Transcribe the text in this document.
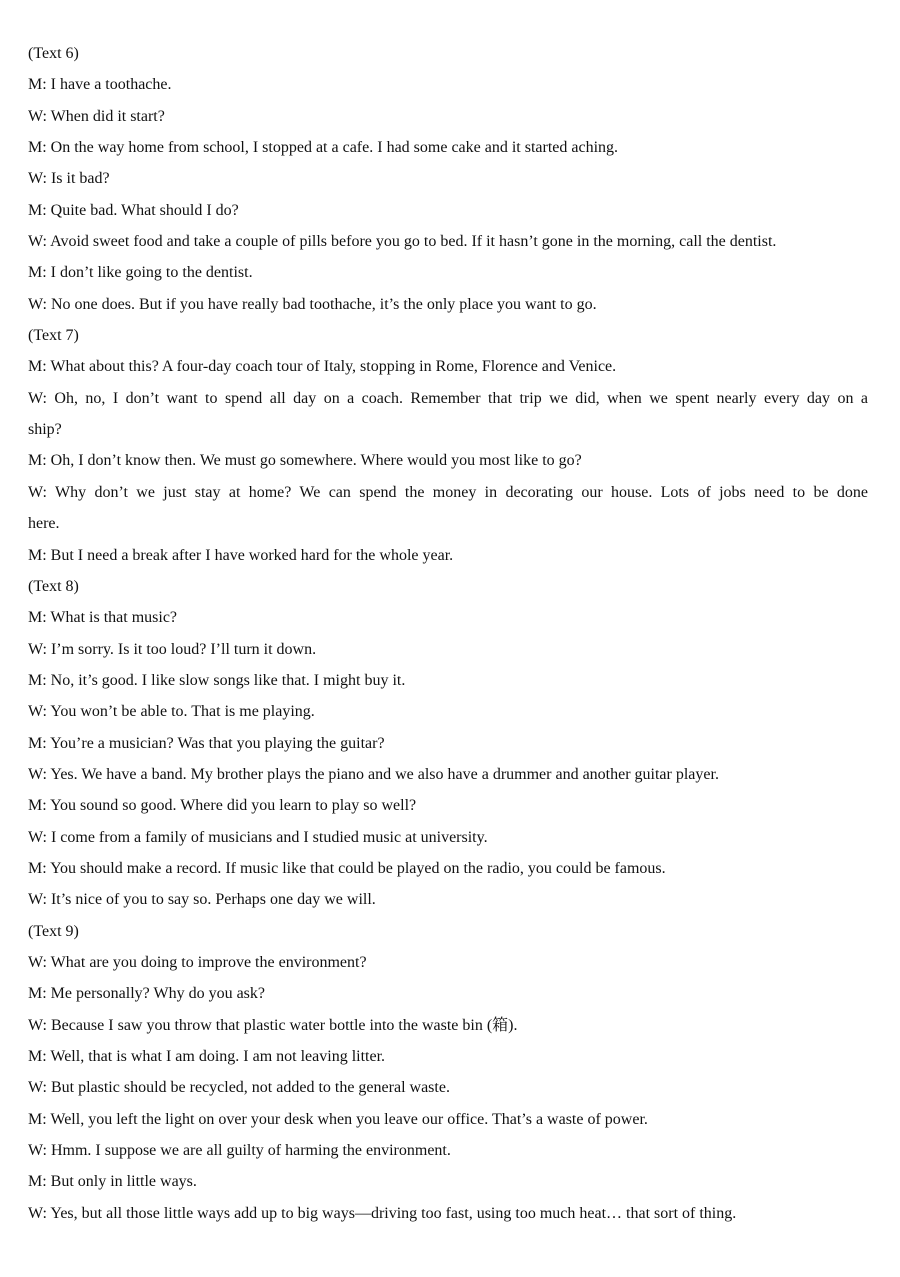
(Text 6)
M: I have a toothache.
W: When did it start?
M: On the way home from school, I stopped at a cafe. I had some cake and it started aching.
W: Is it bad?
M: Quite bad. What should I do?
W: Avoid sweet food and take a couple of pills before you go to bed. If it hasn’t gone in the morning, call the dentist.
M: I don’t like going to the dentist.
W: No one does. But if you have really bad toothache, it’s the only place you want to go.
(Text 7)
M: What about this? A four-day coach tour of Italy, stopping in Rome, Florence and Venice.
W: Oh, no, I don’t want to spend all day on a coach. Remember that trip we did, when we spent nearly every day on a
ship?
M: Oh, I don’t know then. We must go somewhere. Where would you most like to go?
W: Why don’t we just stay at home? We can spend the money in decorating our house. Lots of jobs need to be done
here.
M: But I need a break after I have worked hard for the whole year.
(Text 8)
M: What is that music?
W: I’m sorry. Is it too loud? I’ll turn it down.
M: No, it’s good. I like slow songs like that. I might buy it.
W: You won’t be able to. That is me playing.
M: You’re a musician? Was that you playing the guitar?
W: Yes. We have a band. My brother plays the piano and we also have a drummer and another guitar player.
M: You sound so good. Where did you learn to play so well?
W: I come from a family of musicians and I studied music at university.
M: You should make a record. If music like that could be played on the radio, you could be famous.
W: It’s nice of you to say so. Perhaps one day we will.
(Text 9)
W: What are you doing to improve the environment?
M: Me personally? Why do you ask?
W: Because I saw you throw that plastic water bottle into the waste bin (箱).
M: Well, that is what I am doing. I am not leaving litter.
W: But plastic should be recycled, not added to the general waste.
M: Well, you left the light on over your desk when you leave our office. That’s a waste of power.
W: Hmm. I suppose we are all guilty of harming the environment.
M: But only in little ways.
W: Yes, but all those little ways add up to big ways—driving too fast, using too much heat… that sort of thing.
